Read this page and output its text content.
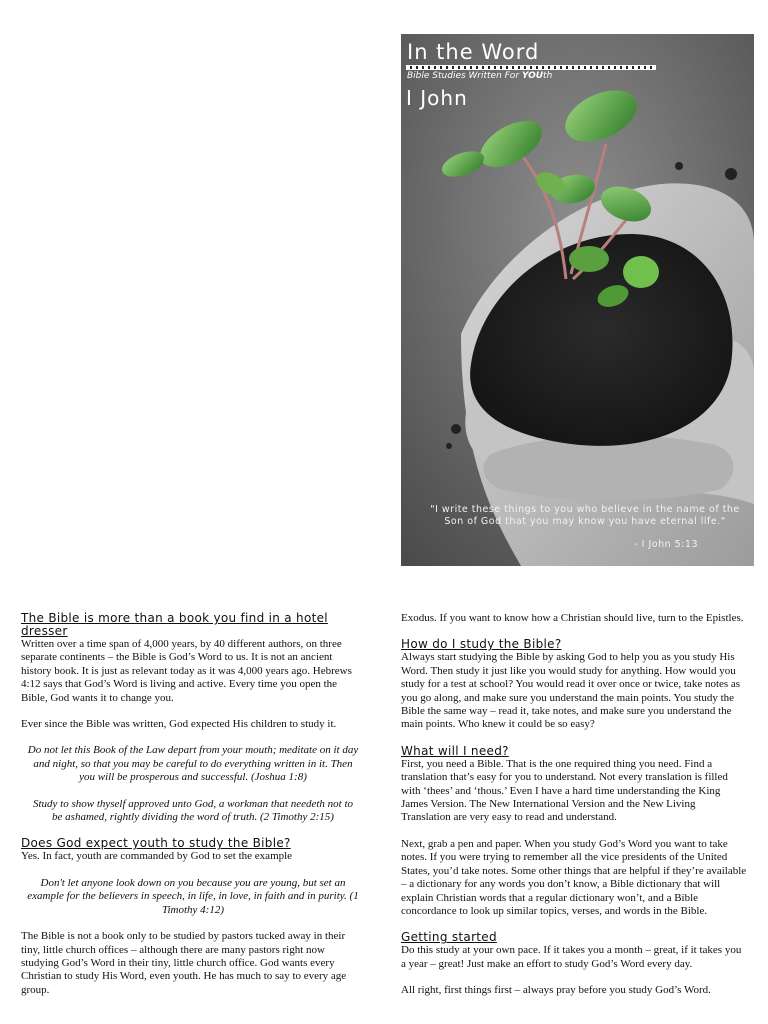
In the Word
Bible Studies Written For YOUth
I John
"I write these things to you who believe in the name of the Son of God that you may know you have eternal life."
- I John 5:13
The Bible is more than a book you find in a hotel dresser

Written over a time span of 4,000 years, by 40 different authors, on three separate continents – the Bible is God’s Word to us. It is not an ancient history book. It is just as relevant today as it was 4,000 years ago. Hebrews 4:12 says that God’s Word is living and active. Every time you open the Bible, God wants it to change you.

Ever since the Bible was written, God expected His children to study it.

Do not let this Book of the Law depart from your mouth; meditate on it day and night, so that you may be careful to do everything written in it. Then you will be prosperous and successful. (Joshua 1:8)

Study to show thyself approved unto God, a workman that needeth not to be ashamed, rightly dividing the word of truth. (2 Timothy 2:15)

Does God expect youth to study the Bible?

Yes. In fact, youth are commanded by God to set the example

Don't let anyone look down on you because you are young, but set an example for the believers in speech, in life, in love, in faith and in purity. (1 Timothy 4:12)

The Bible is not a book only to be studied by pastors tucked away in their tiny, little church offices – although there are many pastors right now studying God’s Word in their tiny, little church office. God wants every Christian to study His Word, even youth. He has much to say to every age group.

Exodus. If you want to know how a Christian should live, turn to the Epistles.

How do I study the Bible?

Always start studying the Bible by asking God to help you as you study His Word. Then study it just like you would study for anything. How would you study for a test at school? You would read it over once or twice, take notes as you go along, and make sure you understand the main points. You study the Bible the same way – read it, take notes, and make sure you understand the main points. Who knew it could be so easy?

What will I need?

First, you need a Bible. That is the one required thing you need. Find a translation that’s easy for you to understand. Not every translation is filled with ‘thees’ and ‘thous.’ Even I have a hard time understanding the King James Version. The New International Version and the New Living Translation are very easy to read and understand.

Next, grab a pen and paper. When you study God’s Word you want to take notes. If you were trying to remember all the vice presidents of the United States, you’d take notes. Some other things that are helpful if they’re available – a dictionary for any words you don’t know, a Bible dictionary that will explain Christian words that a regular dictionary won’t, and a Bible concordance to look up similar topics, verses, and words in the Bible.

Getting started

Do this study at your own pace. If it takes you a month – great, if it takes you a year – great! Just make an effort to study God’s Word every day.

All right, first things first – always pray before you study God’s Word.
